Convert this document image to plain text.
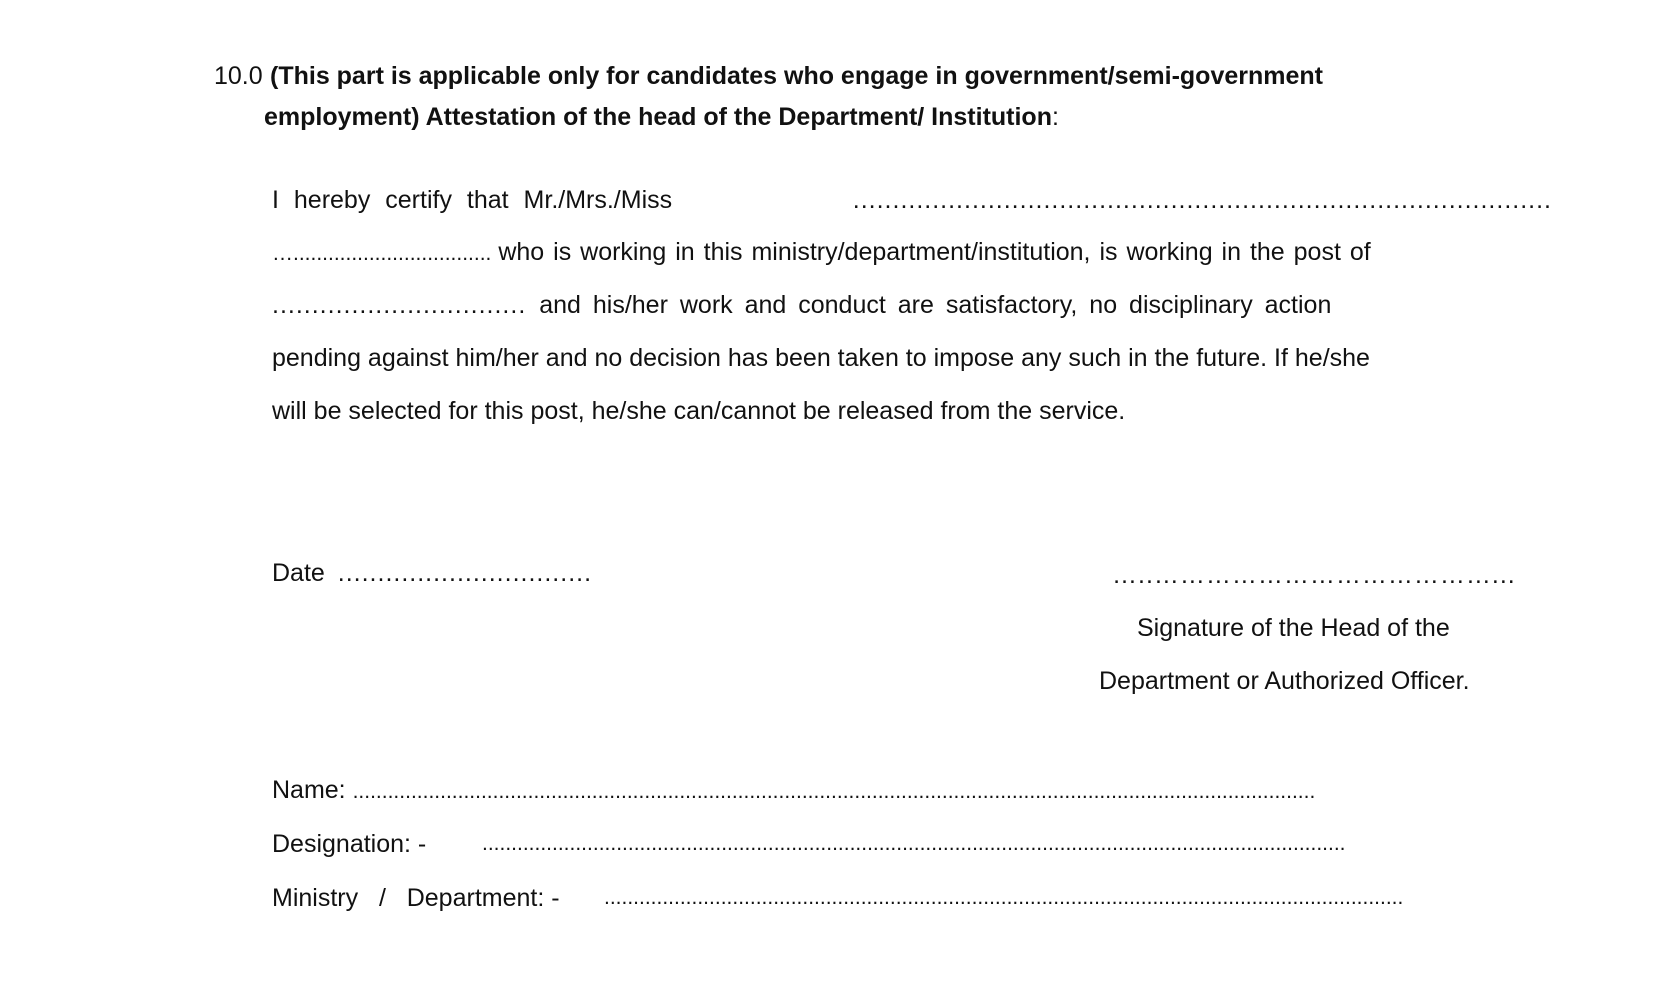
10.0 (This part is applicable only for candidates who engage in government/semi-government
employment) Attestation of the head of the Department/ Institution:
I hereby certify that Mr./Mrs./Miss	........................................................................................
….................................. who is working in this ministry/department/institution, is working in the post of
................................ and his/her work and conduct are satisfactory, no disciplinary action
pending against him/her and no decision has been taken to impose any such in the future. If he/she
will be selected for this post, he/she can/cannot be released from the service.
Date ................................	…..…………………………………...
Signature of the Head of the
Department or Authorized Officer.
Name: .....................................................................................................................................................................
Designation: -	....................................................................................................................................................
Ministry   /   Department: - .........................................................................................................................................
